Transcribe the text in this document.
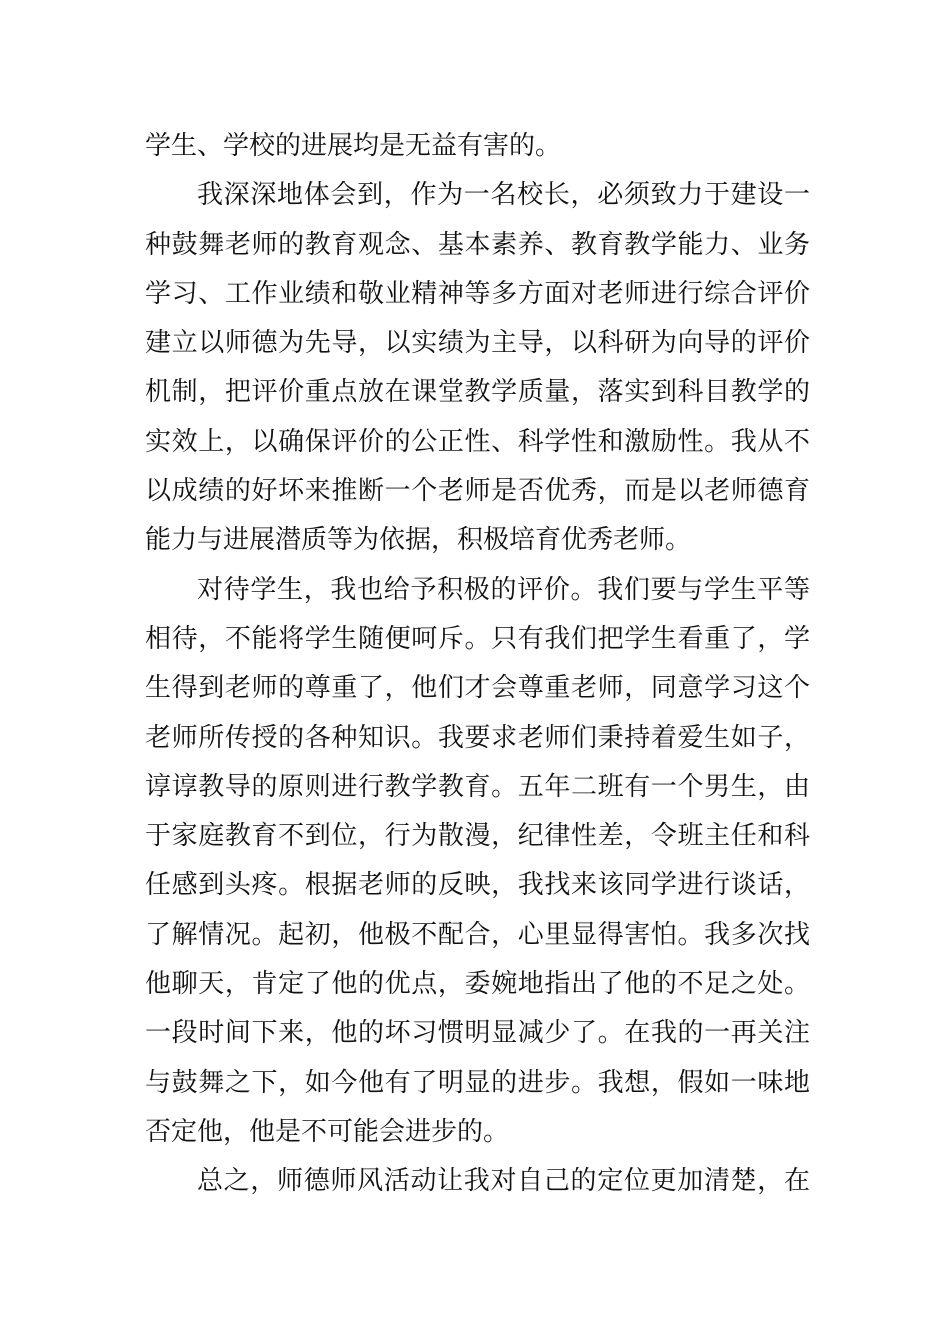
学生、学校的进展均是无益有害的。
我深深地体会到，作为一名校长，必须致力于建设一
种鼓舞老师的教育观念、基本素养、教育教学能力、业务
学习、工作业绩和敬业精神等多方面对老师进行综合评价
建立以师德为先导，以实绩为主导，以科研为向导的评价
机制，把评价重点放在课堂教学质量，落实到科目教学的
实效上，以确保评价的公正性、科学性和激励性。我从不
以成绩的好坏来推断一个老师是否优秀，而是以老师德育
能力与进展潜质等为依据，积极培育优秀老师。
对待学生，我也给予积极的评价。我们要与学生平等
相待，不能将学生随便呵斥。只有我们把学生看重了，学
生得到老师的尊重了，他们才会尊重老师，同意学习这个
老师所传授的各种知识。我要求老师们秉持着爱生如子，
谆谆教导的原则进行教学教育。五年二班有一个男生，由
于家庭教育不到位，行为散漫，纪律性差，令班主任和科
任感到头疼。根据老师的反映，我找来该同学进行谈话，
了解情况。起初，他极不配合，心里显得害怕。我多次找
他聊天，肯定了他的优点，委婉地指出了他的不足之处。
一段时间下来，他的坏习惯明显减少了。在我的一再关注
与鼓舞之下，如今他有了明显的进步。我想，假如一味地
否定他，他是不可能会进步的。
总之，师德师风活动让我对自己的定位更加清楚，在
